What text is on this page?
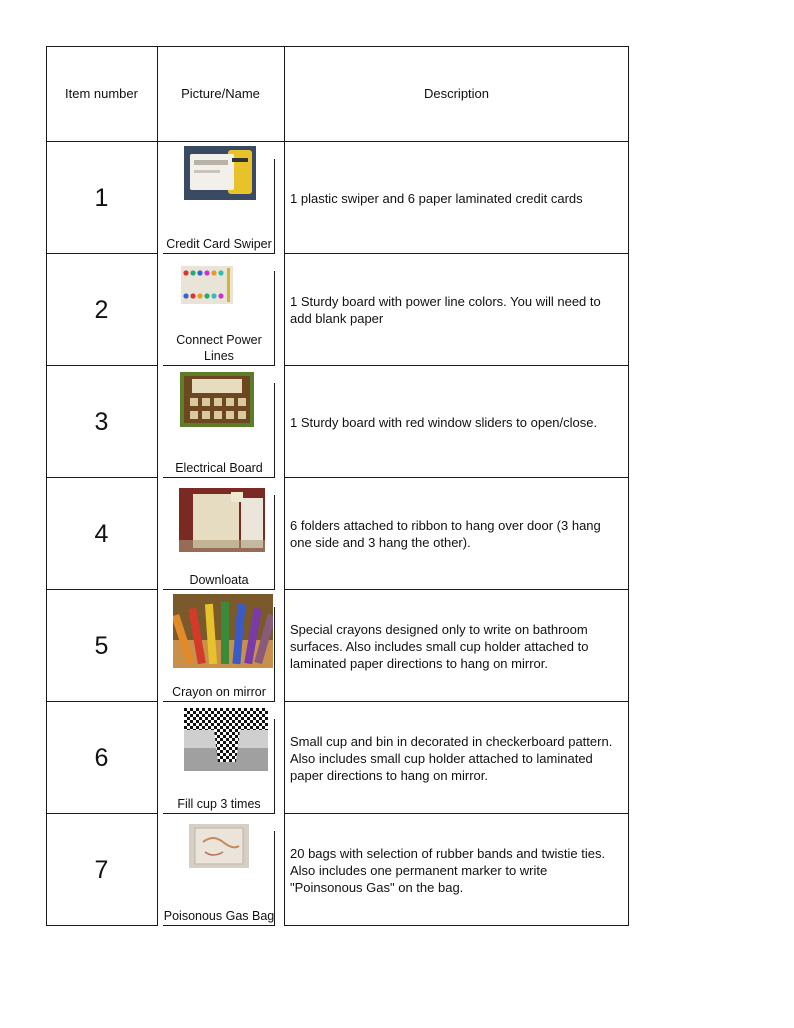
Item number	Picture/Name	Description
1
Credit Card Swiper
1 plastic swiper and 6 paper laminated credit cards
2
Connect Power Lines
1 Sturdy board with power line colors. You will need to add blank paper
3
Electrical Board
1 Sturdy board with red window sliders to open/close.
4
Downloata
6 folders attached to ribbon to hang over door (3 hang one side and 3 hang the other).
5
Crayon on mirror
Special crayons designed only to write on bathroom surfaces. Also includes small cup holder attached to laminated paper directions to hang on mirror.
6
Fill cup 3 times
Small cup and bin in decorated in checkerboard pattern. Also includes small cup holder attached to laminated paper directions to hang on mirror.
7
Poisonous Gas Bag
20 bags with selection of rubber bands and twistie ties. Also includes one permanent marker to write "Poinsonous Gas" on the bag.
